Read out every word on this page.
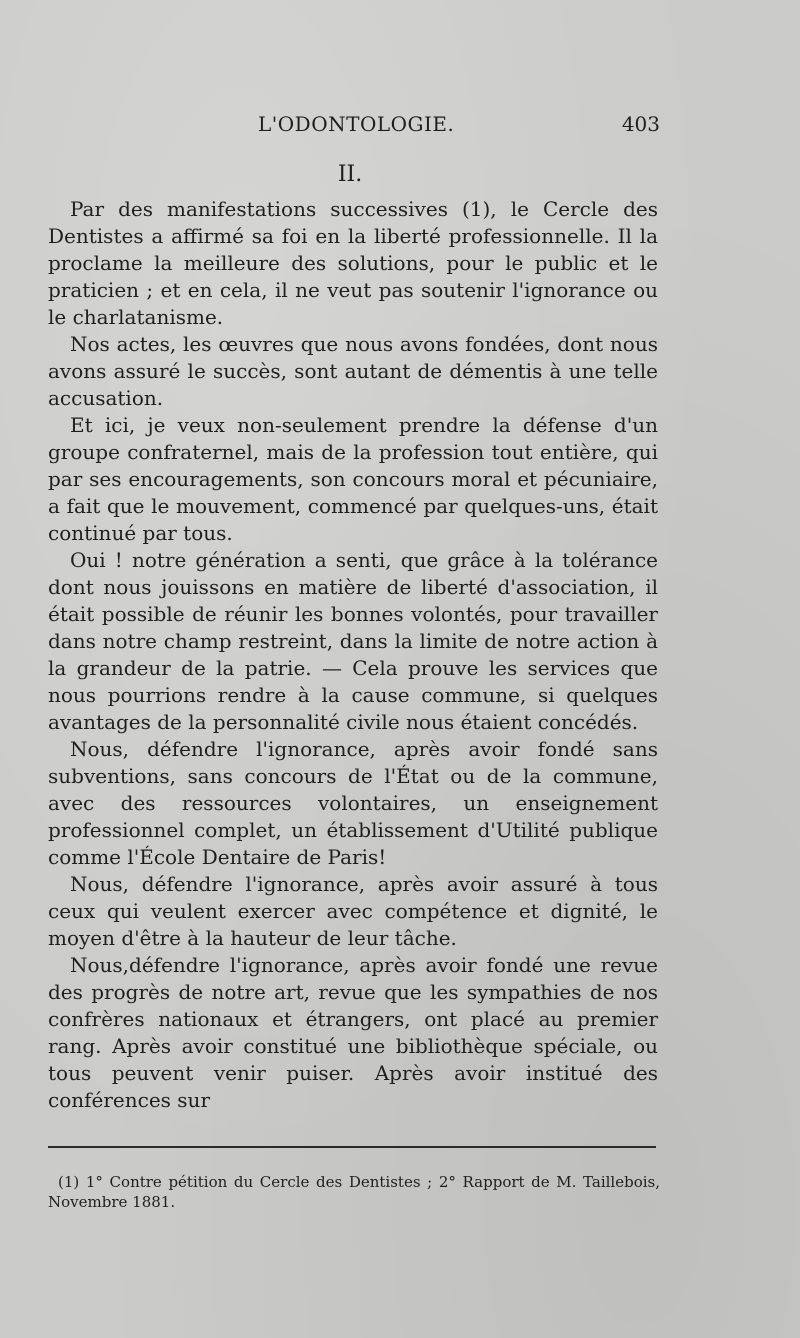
L'ODONTOLOGIE.	403
II.

Par des manifestations successives (1), le Cercle des Dentistes a affirmé sa foi en la liberté professionnelle. Il la proclame la meilleure des solutions, pour le public et le praticien ; et en cela, il ne veut pas soutenir l'ignorance ou le charlatanisme.

Nos actes, les œuvres que nous avons fondées, dont nous avons assuré le succès, sont autant de démentis à une telle accusation.

Et ici, je veux non-seulement prendre la défense d'un groupe confraternel, mais de la profession tout entière, qui par ses encouragements, son concours moral et pécuniaire, a fait que le mouvement, commencé par quelques-uns, était continué par tous.

Oui ! notre génération a senti, que grâce à la tolérance dont nous jouissons en matière de liberté d'association, il était possible de réunir les bonnes volontés, pour travailler dans notre champ restreint, dans la limite de notre action à la grandeur de la patrie. — Cela prouve les services que nous pourrions rendre à la cause commune, si quelques avantages de la personnalité civile nous étaient concédés.

Nous, défendre l'ignorance, après avoir fondé sans subventions, sans concours de l'État ou de la commune, avec des ressources volontaires, un enseignement professionnel complet, un établissement d'Utilité publique comme l'École Dentaire de Paris!

Nous, défendre l'ignorance, après avoir assuré à tous ceux qui veulent exercer avec compétence et dignité, le moyen d'être à la hauteur de leur tâche.

Nous,défendre l'ignorance, après avoir fondé une revue des progrès de notre art, revue que les sympathies de nos confrères nationaux et étrangers, ont placé au premier rang. Après avoir constitué une bibliothèque spéciale, ou tous peuvent venir puiser. Après avoir institué des conférences sur

(1) 1° Contre pétition du Cercle des Dentistes ; 2° Rapport de M. Taillebois, Novembre 1881.
